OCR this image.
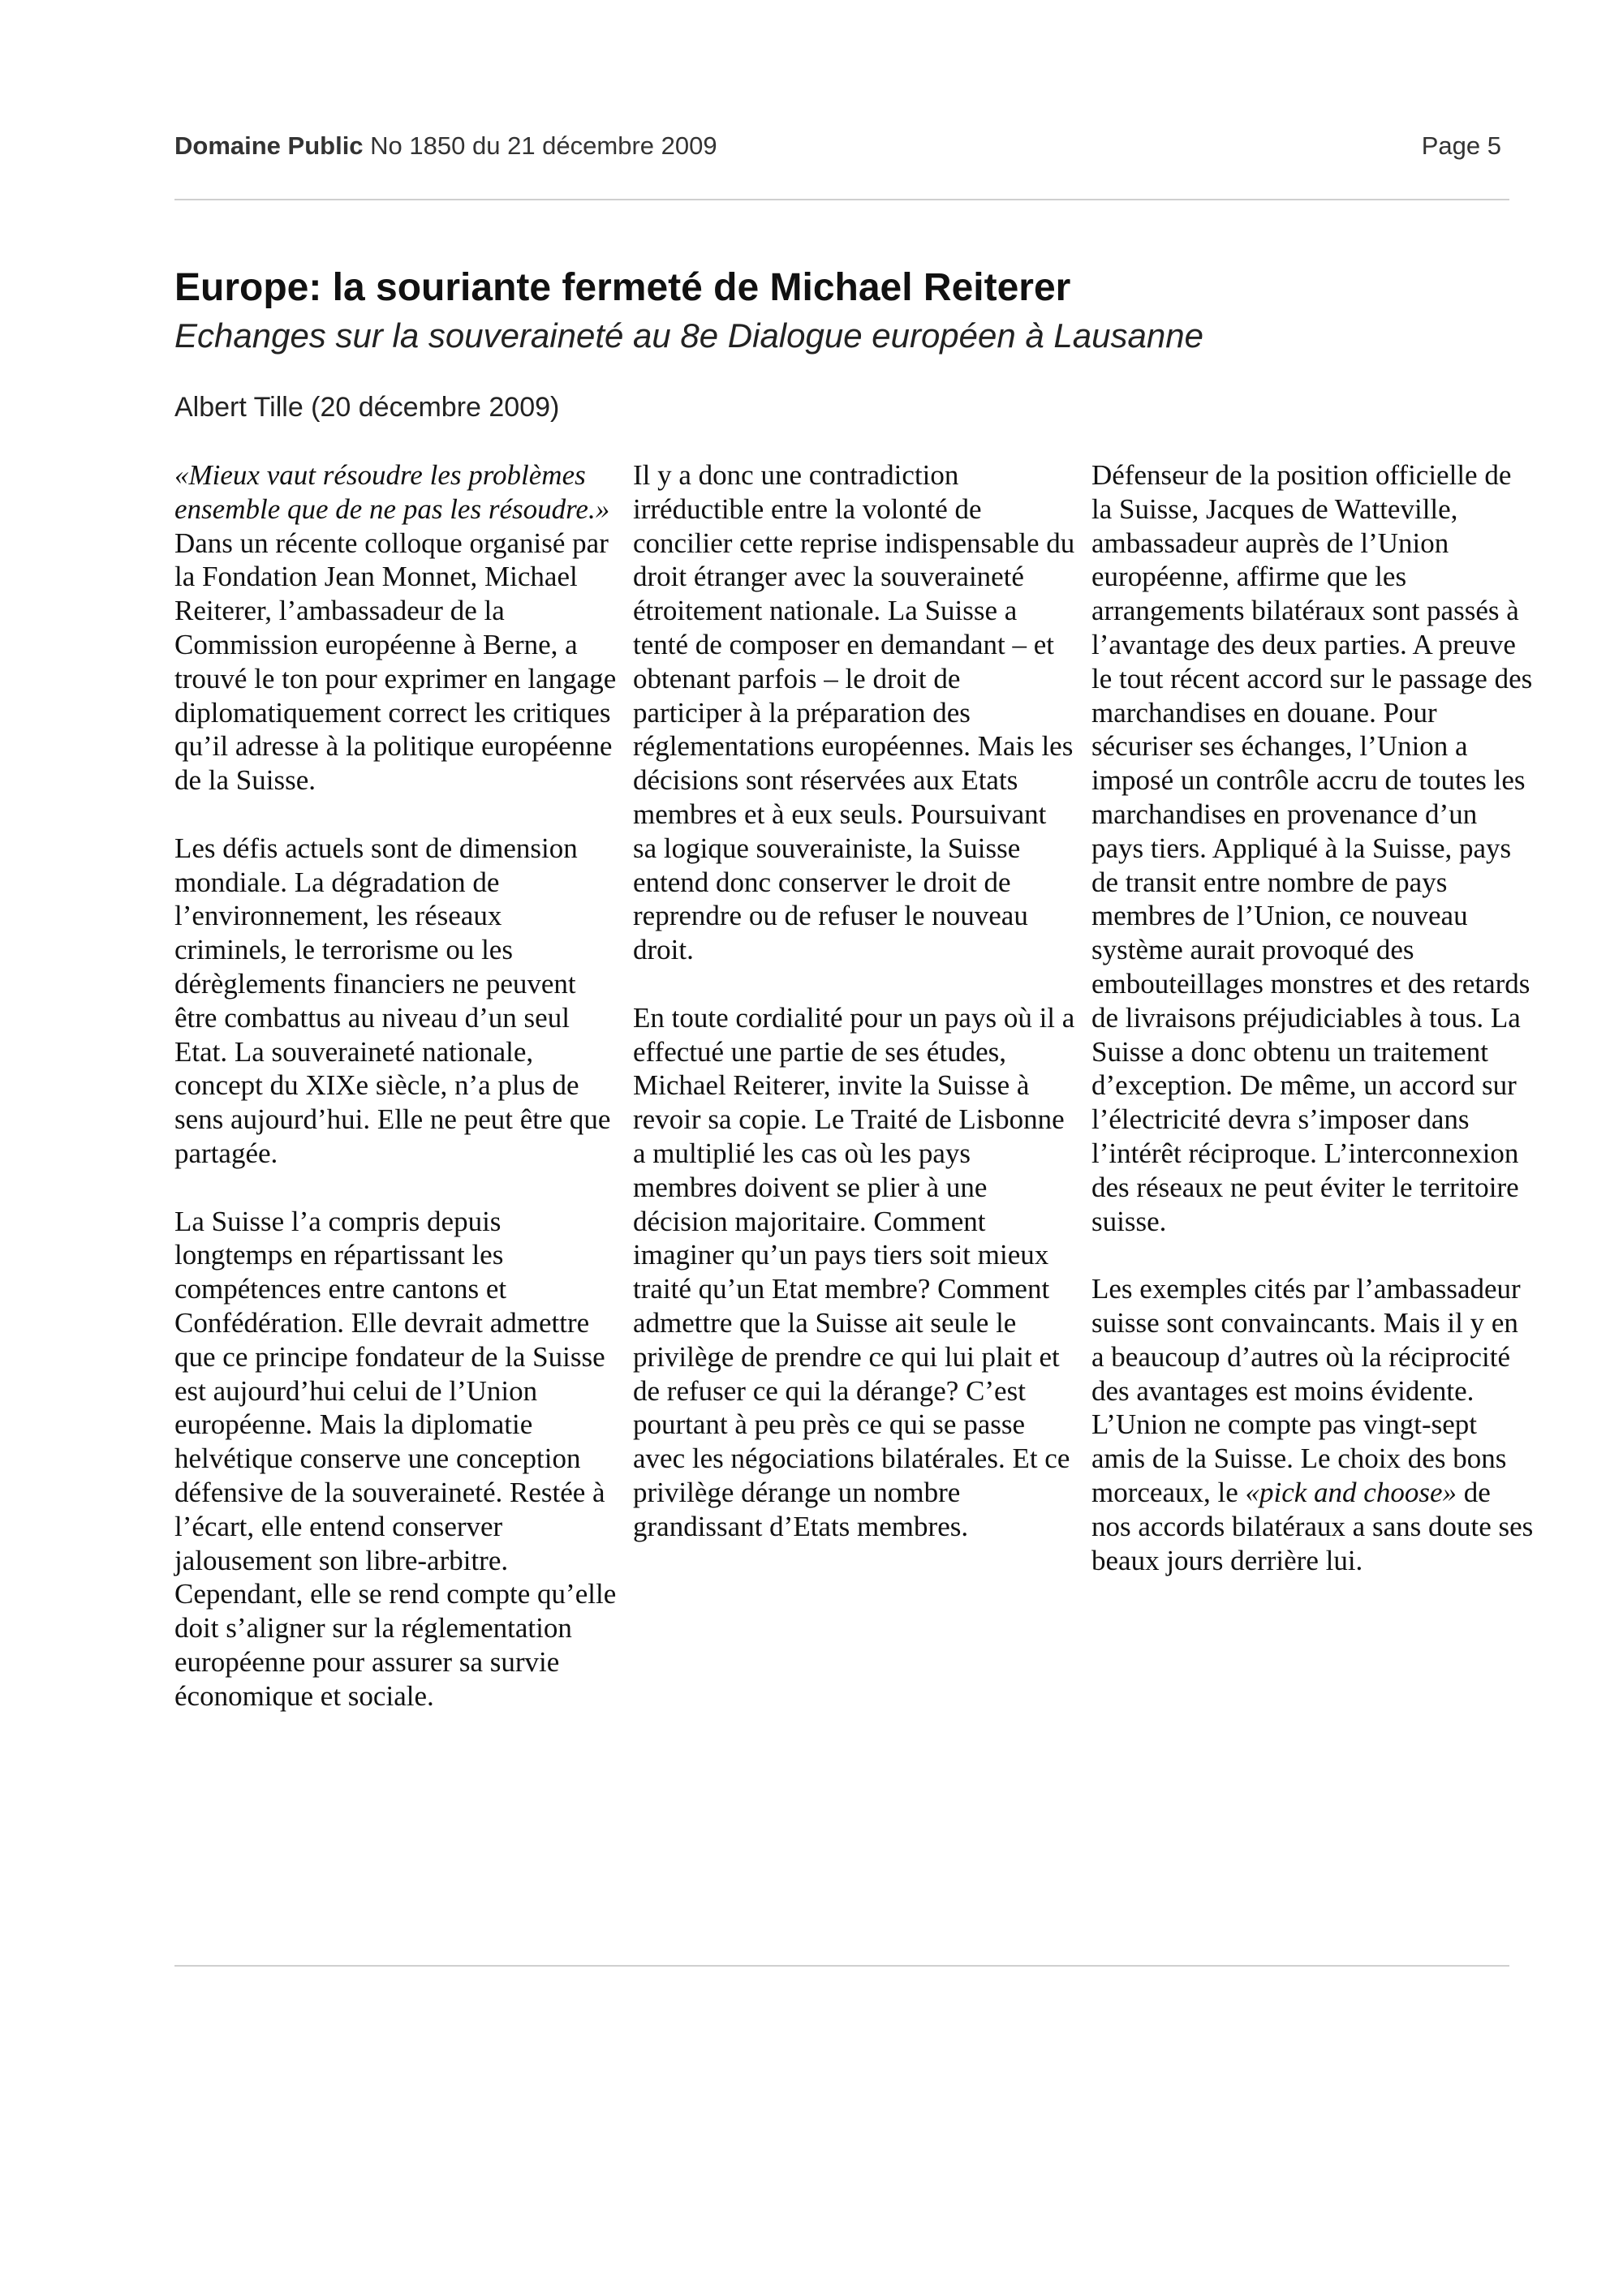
Domaine Public No 1850 du 21 décembre 2009	Page 5
Europe: la souriante fermeté de Michael Reiterer
Echanges sur la souveraineté au 8e Dialogue européen à Lausanne
Albert Tille (20 décembre 2009)

«Mieux vaut résoudre les problèmes ensemble que de ne pas les résoudre.» Dans un récente colloque organisé par la Fondation Jean Monnet, Michael Reiterer, l’ambassadeur de la Commission européenne à Berne, a trouvé le ton pour exprimer en langage diplomatiquement correct les critiques qu’il adresse à la politique européenne de la Suisse.

Les défis actuels sont de dimension mondiale. La dégradation de l’environnement, les réseaux criminels, le terrorisme ou les dérèglements financiers ne peuvent être combattus au niveau d’un seul Etat. La souveraineté nationale, concept du XIXe siècle, n’a plus de sens aujourd’hui. Elle ne peut être que partagée.

La Suisse l’a compris depuis longtemps en répartissant les compétences entre cantons et Confédération. Elle devrait admettre que ce principe fondateur de la Suisse est aujourd’hui celui de l’Union européenne. Mais la diplomatie helvétique conserve une conception défensive de la souveraineté. Restée à l’écart, elle entend conserver jalousement son libre-arbitre. Cependant, elle se rend compte qu’elle doit s’aligner sur la réglementation européenne pour assurer sa survie économique et sociale.

Il y a donc une contradiction irréductible entre la volonté de concilier cette reprise indispensable du droit étranger avec la souveraineté étroitement nationale. La Suisse a tenté de composer en demandant – et obtenant parfois – le droit de participer à la préparation des réglementations européennes. Mais les décisions sont réservées aux Etats membres et à eux seuls. Poursuivant sa logique souverainiste, la Suisse entend donc conserver le droit de reprendre ou de refuser le nouveau droit.

En toute cordialité pour un pays où il a effectué une partie de ses études, Michael Reiterer, invite la Suisse à revoir sa copie. Le Traité de Lisbonne a multiplié les cas où les pays membres doivent se plier à une décision majoritaire. Comment imaginer qu’un pays tiers soit mieux traité qu’un Etat membre? Comment admettre que la Suisse ait seule le privilège de prendre ce qui lui plait et de refuser ce qui la dérange? C’est pourtant à peu près ce qui se passe avec les négociations bilatérales. Et ce privilège dérange un nombre grandissant d’Etats membres.

Défenseur de la position officielle de la Suisse, Jacques de Watteville, ambassadeur auprès de l’Union européenne, affirme que les arrangements bilatéraux sont passés à l’avantage des deux parties. A preuve le tout récent accord sur le passage des marchandises en douane. Pour sécuriser ses échanges, l’Union a imposé un contrôle accru de toutes les marchandises en provenance d’un pays tiers. Appliqué à la Suisse, pays de transit entre nombre de pays membres de l’Union, ce nouveau système aurait provoqué des embouteillages monstres et des retards de livraisons préjudiciables à tous. La Suisse a donc obtenu un traitement d’exception. De même, un accord sur l’électricité devra s’imposer dans l’intérêt réciproque. L’interconnexion des réseaux ne peut éviter le territoire suisse.

Les exemples cités par l’ambassadeur suisse sont convaincants. Mais il y en a beaucoup d’autres où la réciprocité des avantages est moins évidente. L’Union ne compte pas vingt-sept amis de la Suisse. Le choix des bons morceaux, le «pick and choose» de nos accords bilatéraux a sans doute ses beaux jours derrière lui.
